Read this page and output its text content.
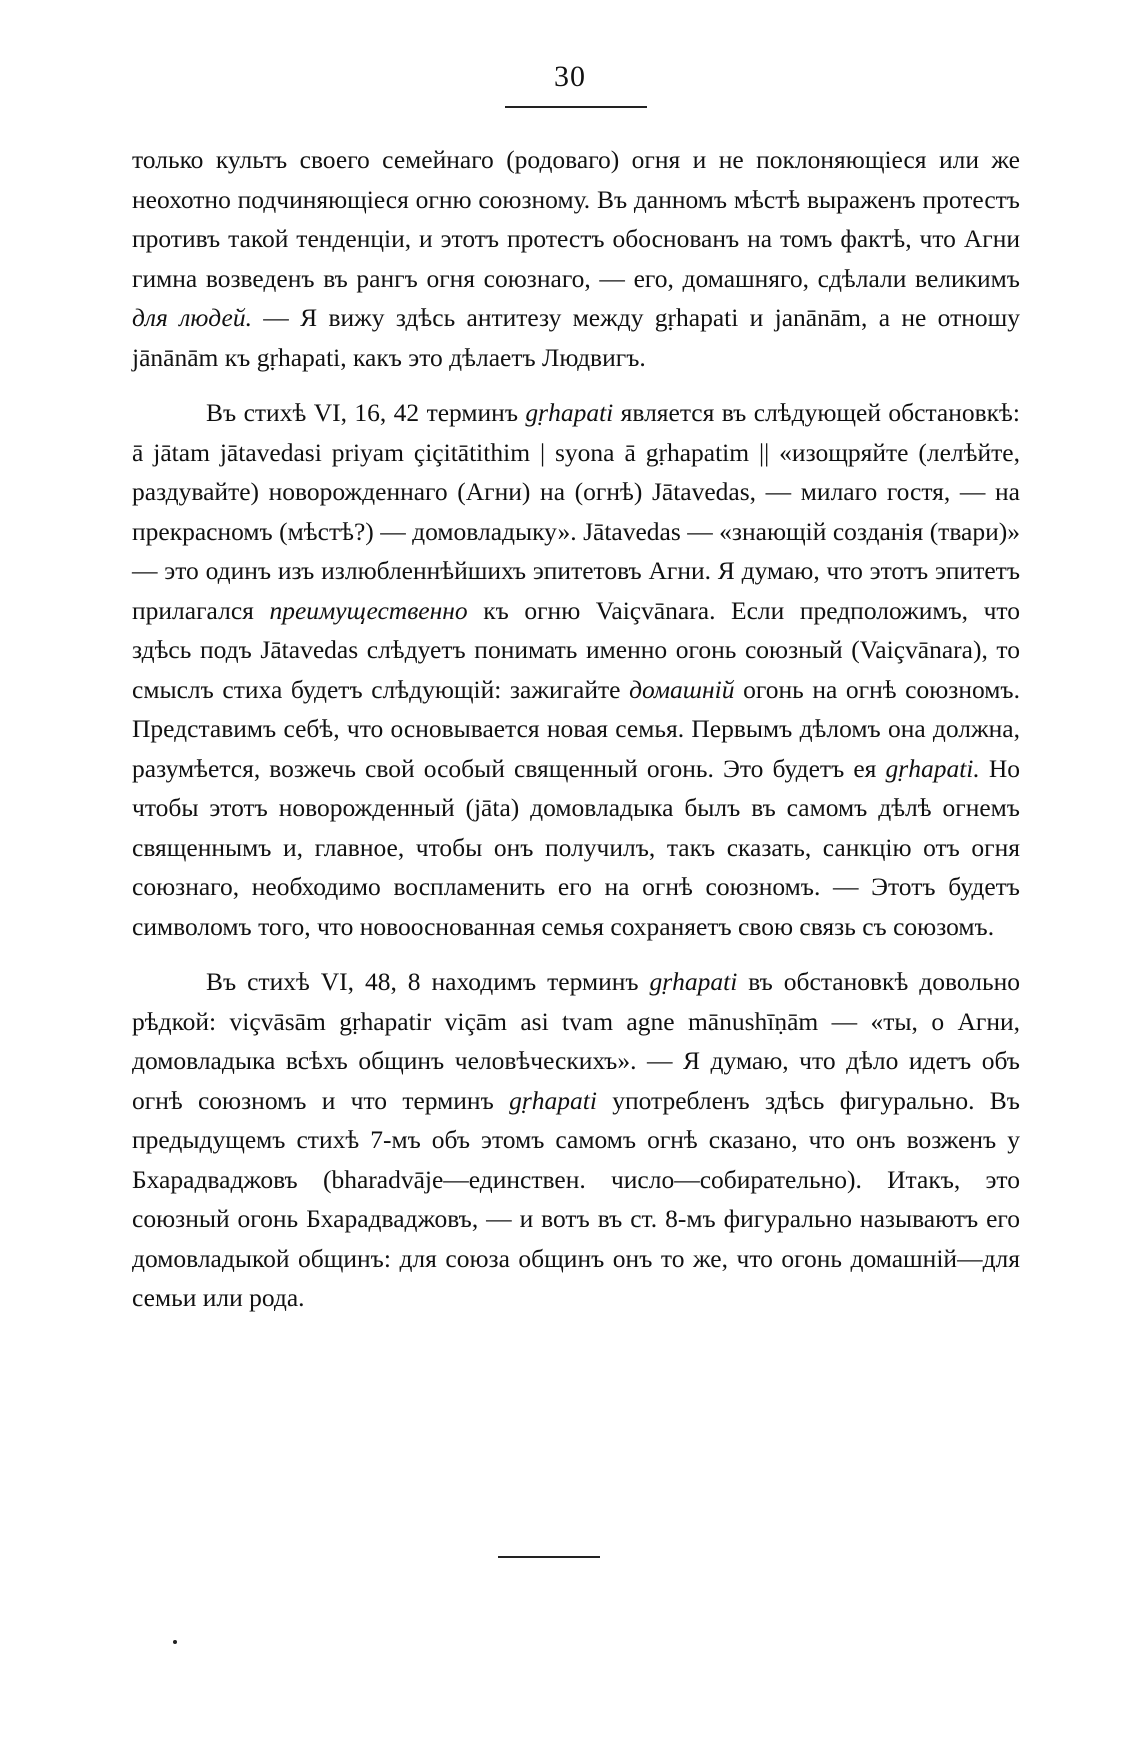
30

только культъ своего семейнаго (родоваго) огня и не поклоняющіеся или же неохотно подчиняющіеся огню союзному. Въ данномъ мѣстѣ выраженъ протестъ противъ такой тенденціи, и этотъ протестъ обоснованъ на томъ фактѣ, что Агни гимна возведенъ въ рангъ огня союзнаго, — его, домашняго, сдѣлали великимъ для людей. — Я вижу здѣсь антитезу между gṛhapati и janānām, а не отношу jānānām къ gṛhapati, какъ это дѣлаетъ Людвигъ.

Въ стихѣ VI, 16, 42 терминъ gṛhapati является въ слѣдующей обстановкѣ: ā jātam jātavedasi priyam çiçitātithim | syona ā gṛhapatim || «изощряйте (лелѣйте, раздувайте) новорожденнаго (Агни) на (огнѣ) Jātavedas, — милаго гостя, — на прекрасномъ (мѣстѣ?) — домовладыку». Jātavedas — «знающій созданія (твари)» — это одинъ изъ излюбленнѣйшихъ эпитетовъ Агни. Я думаю, что этотъ эпитетъ прилагался преимущественно къ огню Vaiçvānara. Если предположимъ, что здѣсь подъ Jātavedas слѣдуетъ понимать именно огонь союзный (Vaiçvānara), то смыслъ стиха будетъ слѣдующій: зажигайте домашній огонь на огнѣ союзномъ. Представимъ себѣ, что основывается новая семья. Первымъ дѣломъ она должна, разумѣется, возжечь свой особый священный огонь. Это будетъ ея gṛhapati. Но чтобы этотъ новорожденный (jāta) домовладыка былъ въ самомъ дѣлѣ огнемъ священнымъ и, главное, чтобы онъ получилъ, такъ сказать, санкцію отъ огня союзнаго, необходимо воспламенить его на огнѣ союзномъ. — Этотъ будетъ символомъ того, что новооснованная семья сохраняетъ свою связь съ союзомъ.

Въ стихѣ VI, 48, 8 находимъ терминъ gṛhapati въ обстановкѣ довольно рѣдкой: viçvāsām gṛhapatir viçām asi tvam agne mānushīṇām — «ты, о Агни, домовладыка всѣхъ общинъ человѣческихъ». — Я думаю, что дѣло идетъ объ огнѣ союзномъ и что терминъ gṛhapati употребленъ здѣсь фигурально. Въ предыдущемъ стихѣ 7-мъ объ этомъ самомъ огнѣ сказано, что онъ возженъ у Бхарадваджовъ (bharadvāje—единствен. число—собирательно). Итакъ, это союзный огонь Бхарадваджовъ, — и вотъ въ ст. 8-мъ фигурально называютъ его домовладыкой общинъ: для союза общинъ онъ то же, что огонь домашній—для семьи или рода.
